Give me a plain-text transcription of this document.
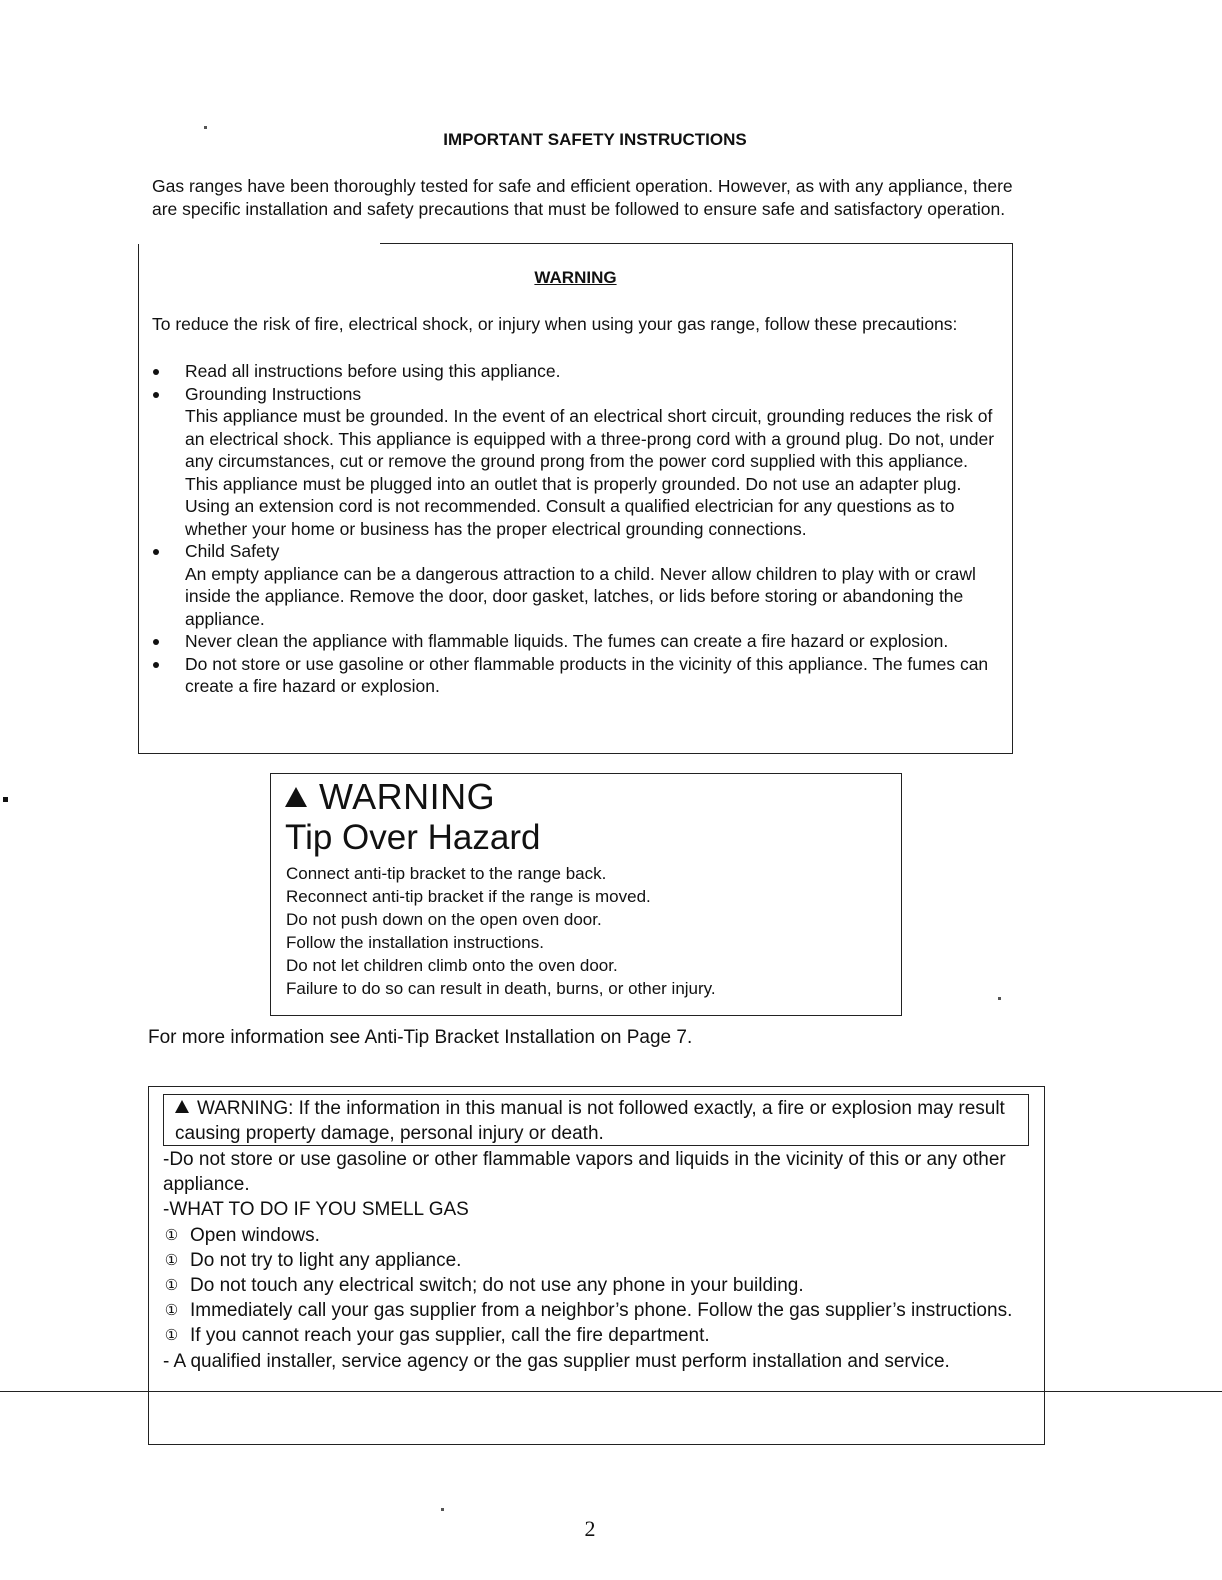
IMPORTANT SAFETY INSTRUCTIONS
Gas ranges have been thoroughly tested for safe and efficient operation. However, as with any appliance, there are specific installation and safety precautions that must be followed to ensure safe and satisfactory operation.
WARNING
To reduce the risk of fire, electrical shock, or injury when using your gas range, follow these precautions:
Read all instructions before using this appliance.
Grounding Instructions
This appliance must be grounded. In the event of an electrical short circuit, grounding reduces the risk of an electrical shock. This appliance is equipped with a three-prong cord with a ground plug. Do not, under any circumstances, cut or remove the ground prong from the power cord supplied with this appliance. This appliance must be plugged into an outlet that is properly grounded. Do not use an adapter plug. Using an extension cord is not recommended. Consult a qualified electrician for any questions as to whether your home or business has the proper electrical grounding connections.
Child Safety
An empty appliance can be a dangerous attraction to a child. Never allow children to play with or crawl inside the appliance. Remove the door, door gasket, latches, or lids before storing or abandoning the appliance.
Never clean the appliance with flammable liquids. The fumes can create a fire hazard or explosion.
Do not store or use gasoline or other flammable products in the vicinity of this appliance. The fumes can create a fire hazard or explosion.
WARNING
Tip Over Hazard
Connect anti-tip bracket to the range back.
Reconnect anti-tip bracket if the range is moved.
Do not push down on the open oven door.
Follow the installation instructions.
Do not let children climb onto the oven door.
Failure to do so can result in death, burns, or other injury.
For more information see Anti-Tip Bracket Installation on Page 7.
WARNING: If the information in this manual is not followed exactly, a fire or explosion may result causing property damage, personal injury or death.
-Do not store or use gasoline or other flammable vapors and liquids in the vicinity of this or any other appliance.
-WHAT TO DO IF YOU SMELL GAS
① Open windows.
① Do not try to light any appliance.
① Do not touch any electrical switch; do not use any phone in your building.
① Immediately call your gas supplier from a neighbor’s phone. Follow the gas supplier’s instructions.
① If you cannot reach your gas supplier, call the fire department.
- A qualified installer, service agency or the gas supplier must perform installation and service.
2
